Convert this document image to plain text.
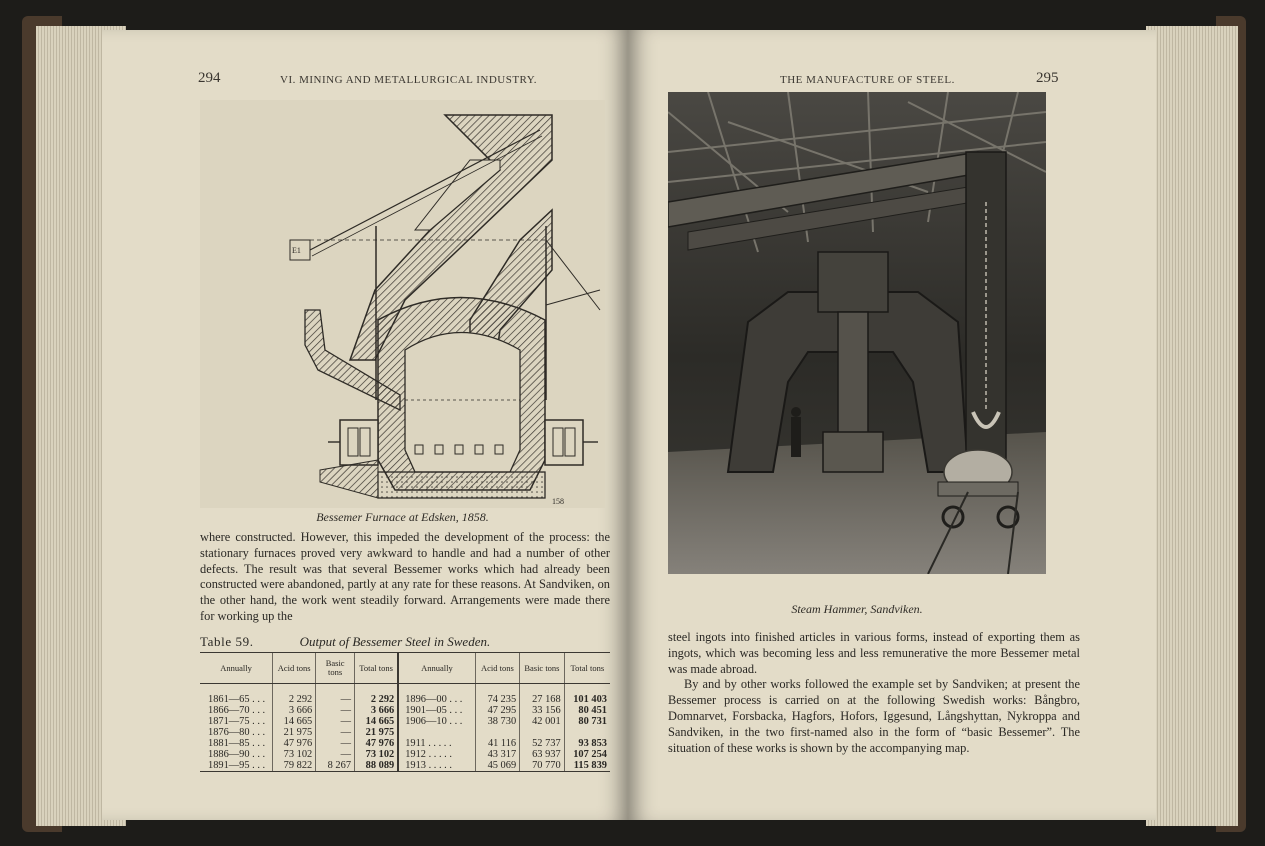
294	VI. MINING AND METALLURGICAL INDUSTRY.
E1
158
Bessemer Furnace at Edsken, 1858.

where constructed. However, this impeded the development of the process: the stationary furnaces proved very awkward to handle and had a number of other defects. The result was that several Bessemer works which had already been constructed were abandoned, partly at any rate for these reasons. At Sandviken, on the other hand, the work went steadily forward. Arrangements were made there for working up the

Table 59.	Output of Bessemer Steel in Sweden.
Annually	Acid tons	Basic tons	Total tons	Annually	Acid tons	Basic tons	Total tons

1861—65 . . .	2 292	—	2 292	1896—00 . . .	74 235	27 168	101 403
1866—70 . . .	3 666	—	3 666	1901—05 . . .	47 295	33 156	80 451
1871—75 . . .	14 665	—	14 665	1906—10 . . .	38 730	42 001	80 731
1876—80 . . .	21 975	—	21 975				
1881—85 . . .	47 976	—	47 976	1911 . . . . .	41 116	52 737	93 853
1886—90 . . .	73 102	—	73 102	1912 . . . . .	43 317	63 937	107 254
1891—95 . . .	79 822	8 267	88 089	1913 . . . . .	45 069	70 770	115 839
THE MANUFACTURE OF STEEL.	295
Steam Hammer, Sandviken.

steel ingots into finished articles in various forms, instead of exporting them as ingots, which was becoming less and less remunerative the more Bessemer metal was made abroad.

By and by other works followed the example set by Sandviken; at present the Bessemer process is carried on at the following Swedish works: Bångbro, Domnarvet, Forsbacka, Hagfors, Hofors, Iggesund, Långshyttan, Nykroppa and Sandviken, in the two first-named also in the form of “basic Bessemer”. The situation of these works is shown by the accompanying map.
